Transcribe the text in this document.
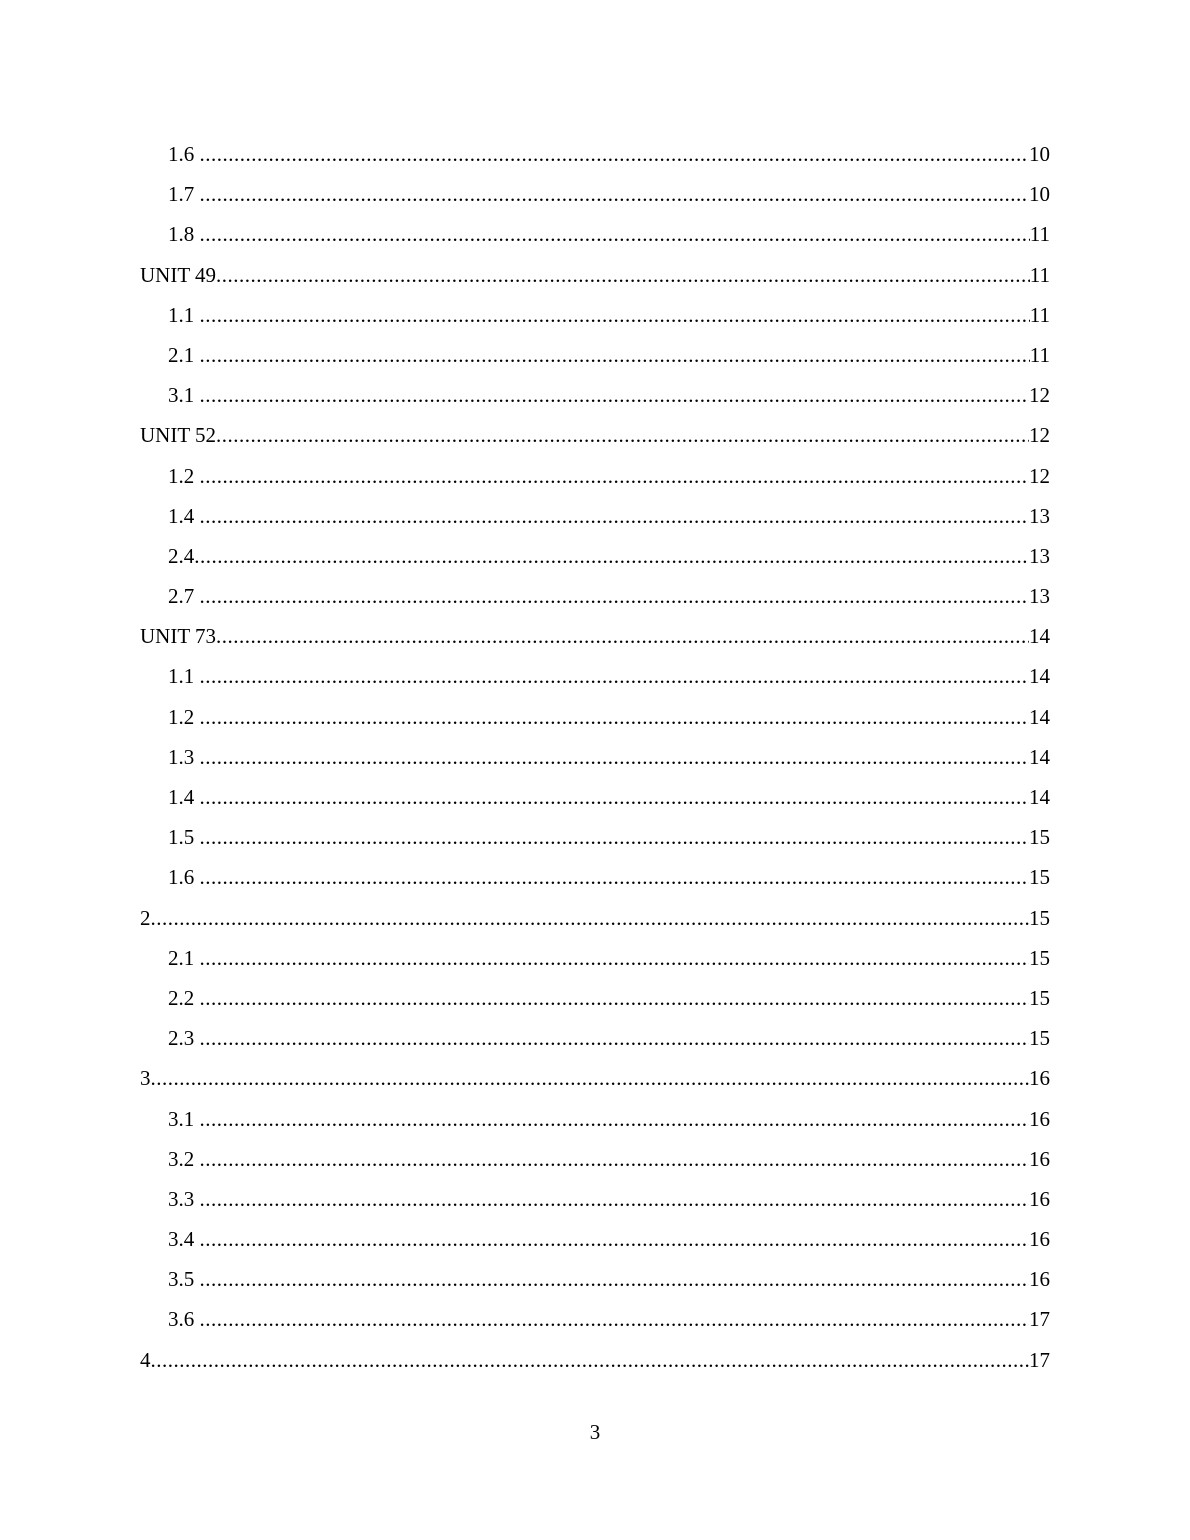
1.6 .....	10
1.7 .....	10
1.8 .....	11
UNIT 49 .....	11
1.1 .....	11
2.1 .....	11
3.1 .....	12
UNIT 52 .....	12
1.2 .....	12
1.4 .....	13
2.4 .....	13
2.7 .....	13
UNIT 73 .....	14
1.1 .....	14
1.2 .....	14
1.3 .....	14
1.4 .....	14
1.5 .....	15
1.6 .....	15
2 .....	15
2.1 .....	15
2.2 .....	15
2.3 .....	15
3 .....	16
3.1 .....	16
3.2 .....	16
3.3 .....	16
3.4 .....	16
3.5 .....	16
3.6 .....	17
4 .....	17
3
